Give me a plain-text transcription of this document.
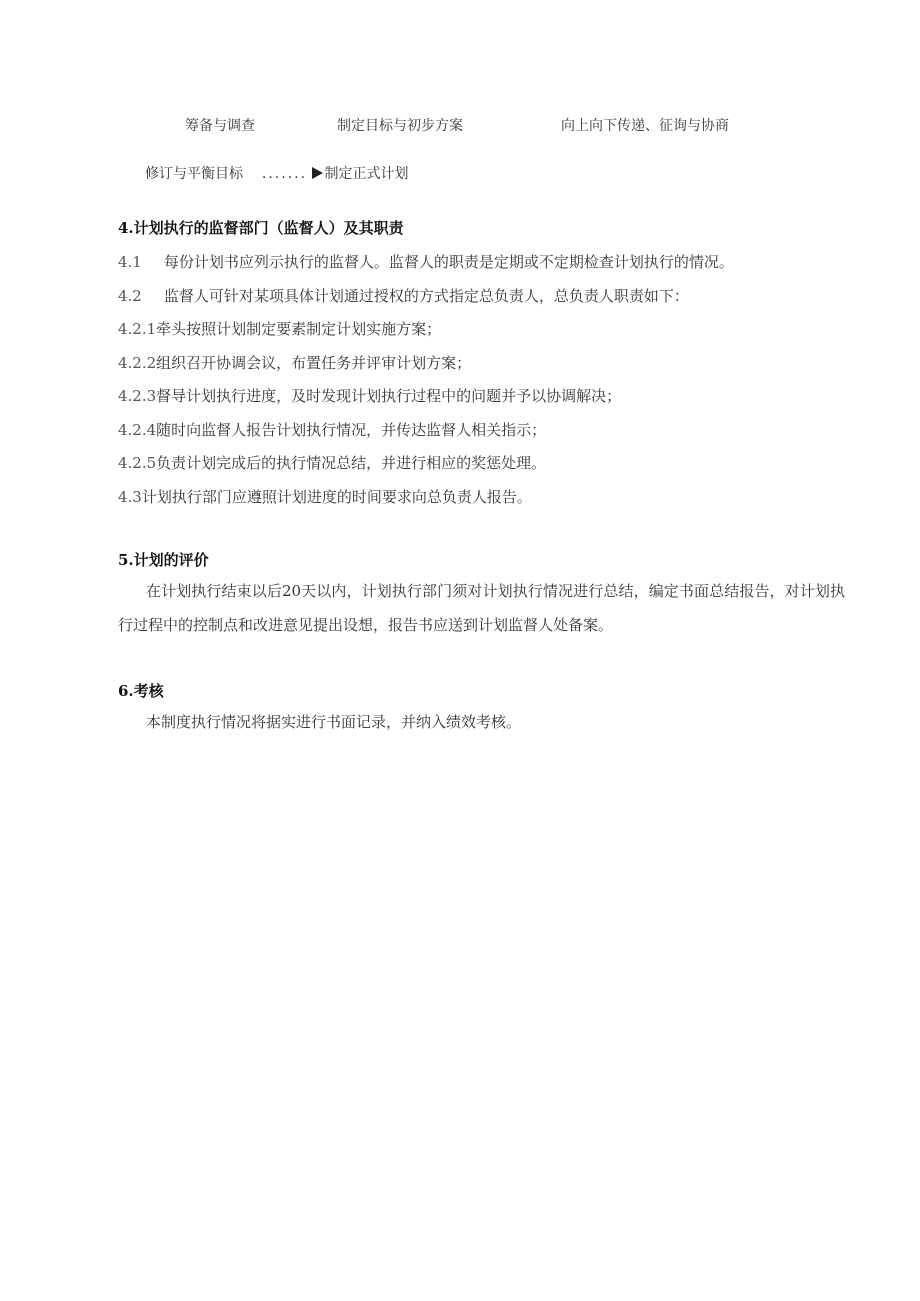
筹备与调查	制定目标与初步方案	向上向下传递、征询与协商
修订与平衡目标 ....... 制定正式计划
4.计划执行的监督部门（监督人）及其职责
4.1 每份计划书应列示执行的监督人。监督人的职责是定期或不定期检查计划执行的情况。
4.2 监督人可针对某项具体计划通过授权的方式指定总负责人，总负责人职责如下：
4.2.1牵头按照计划制定要素制定计划实施方案；
4.2.2组织召开协调会议，布置任务并评审计划方案；
4.2.3督导计划执行进度，及时发现计划执行过程中的问题并予以协调解决；
4.2.4随时向监督人报告计划执行情况，并传达监督人相关指示；
4.2.5负责计划完成后的执行情况总结，并进行相应的奖惩处理。
4.3计划执行部门应遵照计划进度的时间要求向总负责人报告。
5.计划的评价
在计划执行结束以后20天以内，计划执行部门须对计划执行情况进行总结，编定书面总结报告，对计划执行过程中的控制点和改进意见提出设想，报告书应送到计划监督人处备案。
6.考核
本制度执行情况将据实进行书面记录，并纳入绩效考核。
